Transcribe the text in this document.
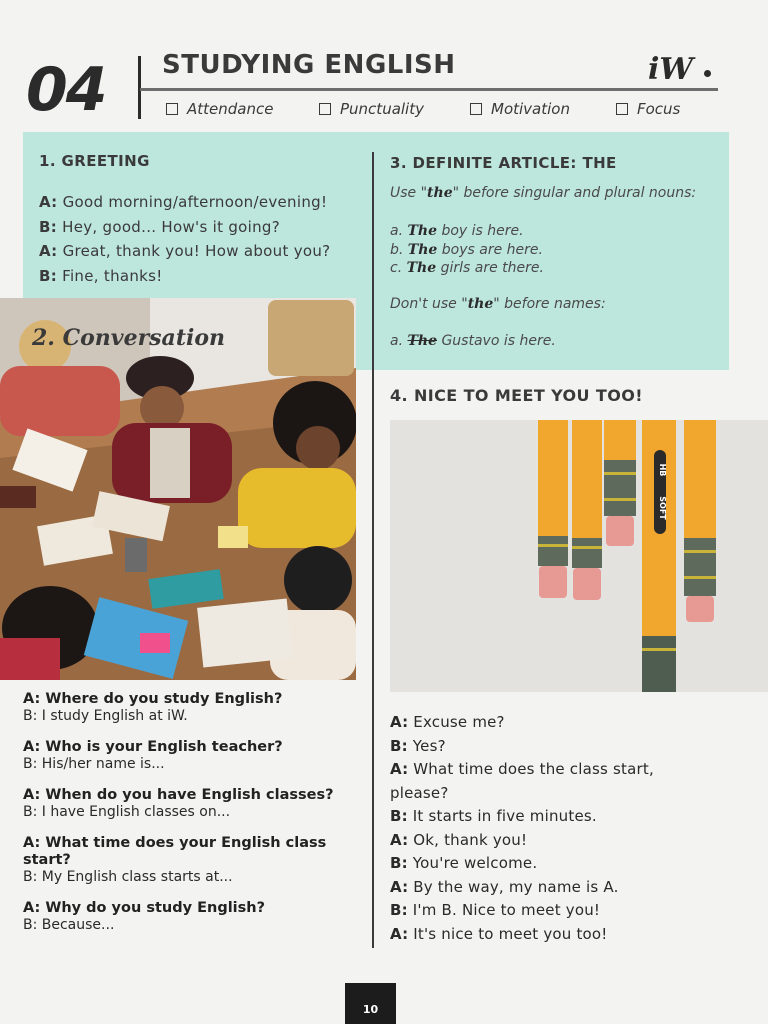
04 STUDYING ENGLISH	iW
Attendance	Punctuality	Motivation	Focus
1. GREETING
A: Good morning/afternoon/evening!
B: Hey, good... How's it going?
A: Great, thank you! How about you?
B: Fine, thanks!
3. DEFINITE ARTICLE: THE
Use "the" before singular and plural nouns:
a. The boy is here.
b. The boys are here.
c. The girls are there.
Don't use "the" before names:
a. The Gustavo is here.
2. Conversation
A: Where do you study English?
B: I study English at iW.
A: Who is your English teacher?
B: His/her name is...
A: When do you have English classes?
B: I have English classes on...
A: What time does your English class start?
B: My English class starts at...
A: Why do you study English?
B: Because...
4. NICE TO MEET YOU TOO!
HB
SOFT
A: Excuse me?
B: Yes?
A: What time does the class start,
please?
B: It starts in five minutes.
A: Ok, thank you!
B: You're welcome.
A: By the way, my name is A.
B: I'm B. Nice to meet you!
A: It's nice to meet you too!
10
